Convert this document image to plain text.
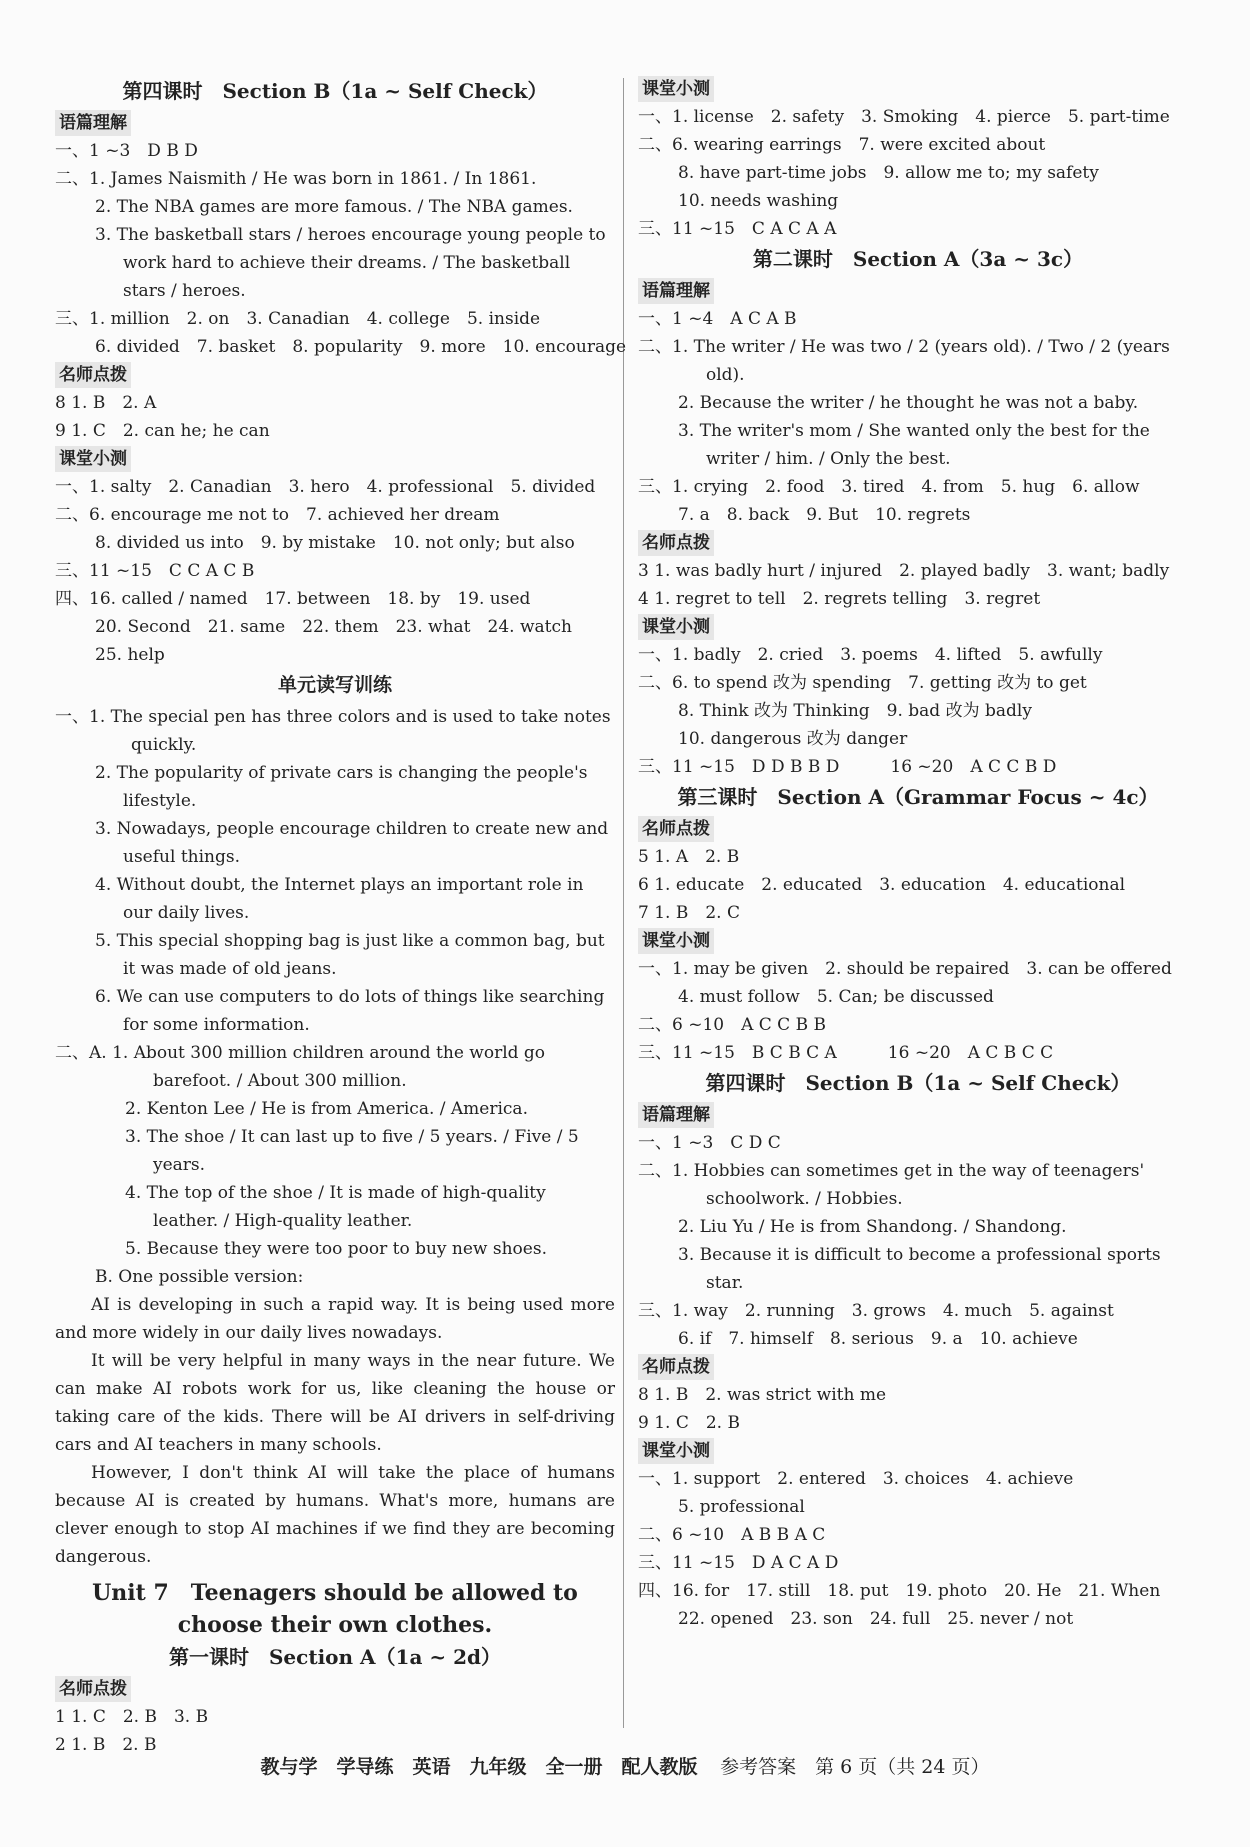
第四课时　Section B（1a ~ Self Check）
语篇理解
一、1 ~3　D B D
二、1. James Naismith / He was born in 1861. / In 1861.
2. The NBA games are more famous. / The NBA games.
3. The basketball stars / heroes encourage young people to work hard to achieve their dreams. / The basketball stars / heroes.
三、1. million　2. on　3. Canadian　4. college　5. inside
6. divided　7. basket　8. popularity　9. more　10. encourage
名师点拨
8 1. B　2. A
9 1. C　2. can he; he can
课堂小测
一、1. salty　2. Canadian　3. hero　4. professional　5. divided
二、6. encourage me not to　7. achieved her dream
8. divided us into　9. by mistake　10. not only; but also
三、11 ~15　C C A C B
四、16. called / named　17. between　18. by　19. used
20. Second　21. same　22. them　23. what　24. watch
25. help
单元读写训练
一、1. The special pen has three colors and is used to take notes quickly.
2. The popularity of private cars is changing the people's lifestyle.
3. Nowadays, people encourage children to create new and useful things.
4. Without doubt, the Internet plays an important role in our daily lives.
5. This special shopping bag is just like a common bag, but it was made of old jeans.
6. We can use computers to do lots of things like searching for some information.
二、A. 1. About 300 million children around the world go barefoot. / About 300 million.
2. Kenton Lee / He is from America. / America.
3. The shoe / It can last up to five / 5 years. / Five / 5 years.
4. The top of the shoe / It is made of high-quality leather. / High-quality leather.
5. Because they were too poor to buy new shoes.
B. One possible version:
AI is developing in such a rapid way. It is being used more and more widely in our daily lives nowadays.
It will be very helpful in many ways in the near future. We can make AI robots work for us, like cleaning the house or taking care of the kids. There will be AI drivers in self-driving cars and AI teachers in many schools.
However, I don't think AI will take the place of humans because AI is created by humans. What's more, humans are clever enough to stop AI machines if we find they are becoming dangerous.
Unit 7　Teenagers should be allowed to
choose their own clothes.
第一课时　Section A（1a ~ 2d）
名师点拨
1 1. C　2. B　3. B
2 1. B　2. B
课堂小测
一、1. license　2. safety　3. Smoking　4. pierce　5. part-time
二、6. wearing earrings　7. were excited about
8. have part-time jobs　9. allow me to; my safety
10. needs washing
三、11 ~15　C A C A A
第二课时　Section A（3a ~ 3c）
语篇理解
一、1 ~4　A C A B
二、1. The writer / He was two / 2 (years old). / Two / 2 (years old).
2. Because the writer / he thought he was not a baby.
3. The writer's mom / She wanted only the best for the writer / him. / Only the best.
三、1. crying　2. food　3. tired　4. from　5. hug　6. allow
7. a　8. back　9. But　10. regrets
名师点拨
3 1. was badly hurt / injured　2. played badly　3. want; badly
4 1. regret to tell　2. regrets telling　3. regret
课堂小测
一、1. badly　2. cried　3. poems　4. lifted　5. awfully
二、6. to spend 改为 spending　7. getting 改为 to get
8. Think 改为 Thinking　9. bad 改为 badly
10. dangerous 改为 danger
三、11 ~15　D D B B D　　　16 ~20　A C C B D
第三课时　Section A（Grammar Focus ~ 4c）
名师点拨
5 1. A　2. B
6 1. educate　2. educated　3. education　4. educational
7 1. B　2. C
课堂小测
一、1. may be given　2. should be repaired　3. can be offered
4. must follow　5. Can; be discussed
二、6 ~10　A C C B B
三、11 ~15　B C B C A　　　16 ~20　A C B C C
第四课时　Section B（1a ~ Self Check）
语篇理解
一、1 ~3　C D C
二、1. Hobbies can sometimes get in the way of teenagers' schoolwork. / Hobbies.
2. Liu Yu / He is from Shandong. / Shandong.
3. Because it is difficult to become a professional sports star.
三、1. way　2. running　3. grows　4. much　5. against
6. if　7. himself　8. serious　9. a　10. achieve
名师点拨
8 1. B　2. was strict with me
9 1. C　2. B
课堂小测
一、1. support　2. entered　3. choices　4. achieve
5. professional
二、6 ~10　A B B A C
三、11 ~15　D A C A D
四、16. for　17. still　18. put　19. photo　20. He　21. When
22. opened　23. son　24. full　25. never / not
教与学　学导练　英语　九年级　全一册　配人教版 参考答案　第 6 页（共 24 页）
